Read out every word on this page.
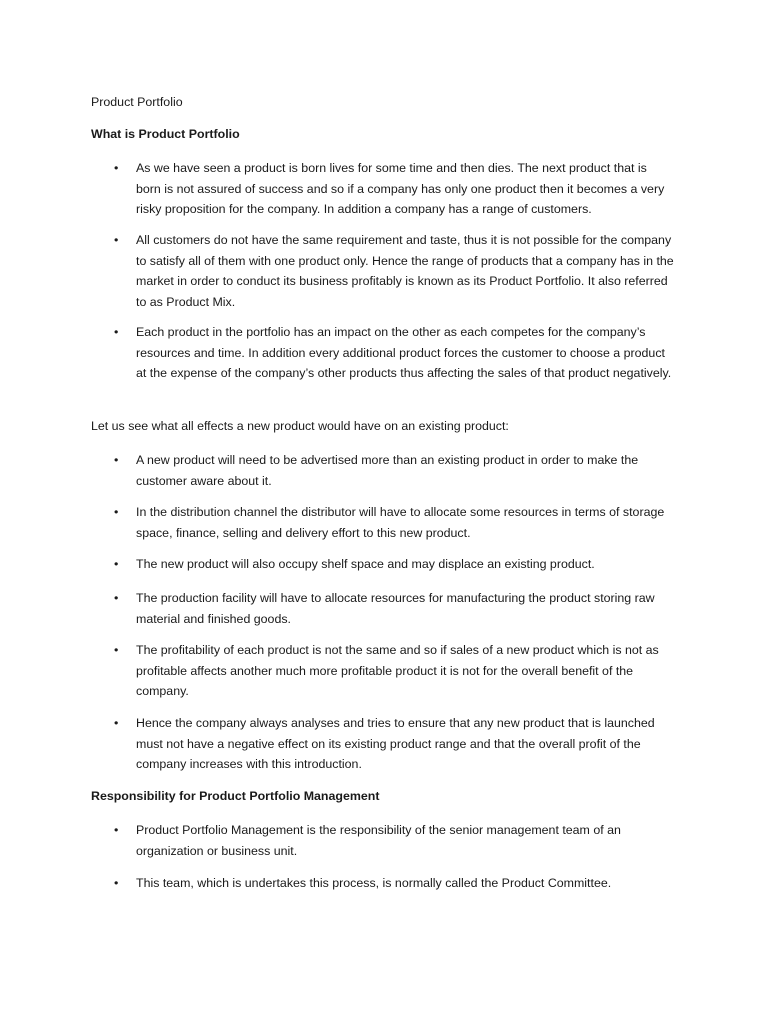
Product Portfolio

What is Product Portfolio

•	As we have seen a product is born lives for some time and then dies. The next product that is born is not assured of success and so if a company has only one product then it becomes a very risky proposition for the company. In addition a company has a range of customers.
•	All customers do not have the same requirement and taste, thus it is not possible for the company to satisfy all of them with one product only. Hence the range of products that a company has in the market in order to conduct its business profitably is known as its Product Portfolio. It also referred to as Product Mix.
•	Each product in the portfolio has an impact on the other as each competes for the company’s resources and time. In addition every additional product forces the customer to choose a product at the expense of the company’s other products thus affecting the sales of that product negatively.

Let us see what all effects a new product would have on an existing product:

•	A new product will need to be advertised more than an existing product in order to make the customer aware about it.
•	In the distribution channel the distributor will have to allocate some resources in terms of storage space, finance, selling and delivery effort to this new product.
•	The new product will also occupy shelf space and may displace an existing product.
•	The production facility will have to allocate resources for manufacturing the product storing raw material and finished goods.
•	The profitability of each product is not the same and so if sales of a new product which is not as profitable affects another much more profitable product it is not for the overall benefit of the company.
•	Hence the company always analyses and tries to ensure that any new product that is launched must not have a negative effect on its existing product range and that the overall profit of the company increases with this introduction.

Responsibility for Product Portfolio Management

•	Product Portfolio Management is the responsibility of the senior management team of an organization or business unit.
•	This team, which is undertakes this process, is normally called the Product Committee.
